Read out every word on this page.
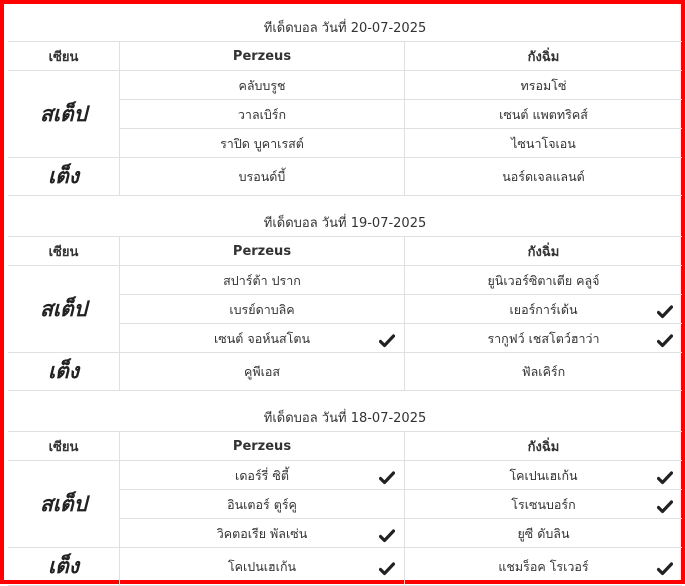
ทีเด็ดบอล วันที่ 20-07-2025
เซียน	Perzeus	กังฉิ่ม
สเต็ป
คลับบรูช	ทรอมโซ่
วาลเบิร์ก	เซนต์ แพตทริคส์
ราปิด บูคาเรสต์	ไซนาโจเอน
เต็ง	บรอนด์บี้	นอร์ดเจลแลนด์
ทีเด็ดบอล วันที่ 19-07-2025
เซียน	Perzeus	กังฉิ่ม
สเต็ป
สปาร์ต้า ปราก	ยูนิเวอร์ซิตาเตีย คลูจ์
เบรย์ดาบลิค	เยอร์การ์เด้น
เซนต์ จอห์นสโตน	รากูฟว์ เชสโตว์ฮาว่า
เต็ง	คูพีเอส	ฟัลเคิร์ก
ทีเด็ดบอล วันที่ 18-07-2025
เซียน	Perzeus	กังฉิ่ม
สเต็ป
เดอร์รี่ ซิตี้	โคเปนเฮเก้น
อินเตอร์ ตูร์คู	โรเซนบอร์ก
วิคตอเรีย พัลเซ่น	ยูซี ดับลิน
เต็ง	โคเปนเฮเก้น	แชมร็อค โรเวอร์
